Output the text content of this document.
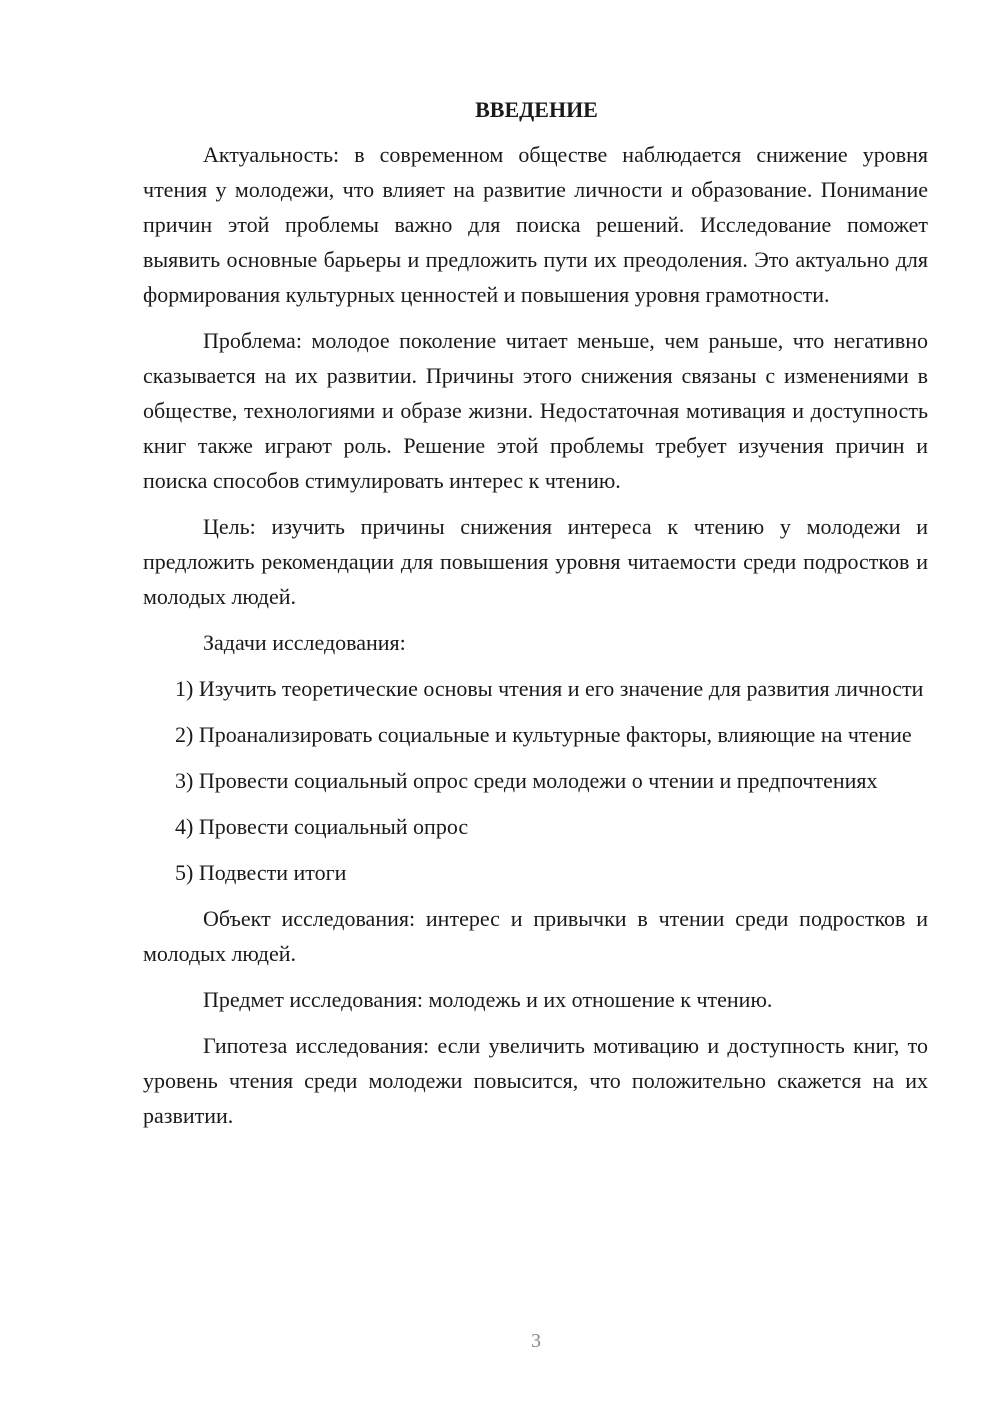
ВВЕДЕНИЕ

Актуальность: в современном обществе наблюдается снижение уровня чтения у молодежи, что влияет на развитие личности и образование. Понимание причин этой проблемы важно для поиска решений. Исследование поможет выявить основные барьеры и предложить пути их преодоления. Это актуально для формирования культурных ценностей и повышения уровня грамотности.

Проблема: молодое поколение читает меньше, чем раньше, что негативно сказывается на их развитии. Причины этого снижения связаны с изменениями в обществе, технологиями и образе жизни. Недостаточная мотивация и доступность книг также играют роль. Решение этой проблемы требует изучения причин и поиска способов стимулировать интерес к чтению.

Цель: изучить причины снижения интереса к чтению у молодежи и предложить рекомендации для повышения уровня читаемости среди подростков и молодых людей.

Задачи исследования:

1) Изучить теоретические основы чтения и его значение для развития личности

2) Проанализировать социальные и культурные факторы, влияющие на чтение

3) Провести социальный опрос среди молодежи о чтении и предпочтениях

4) Провести социальный опрос

5) Подвести итоги

Объект исследования: интерес и привычки в чтении среди подростков и молодых людей.

Предмет исследования: молодежь и их отношение к чтению.

Гипотеза исследования: если увеличить мотивацию и доступность книг, то уровень чтения среди молодежи повысится, что положительно скажется на их развитии.

3
